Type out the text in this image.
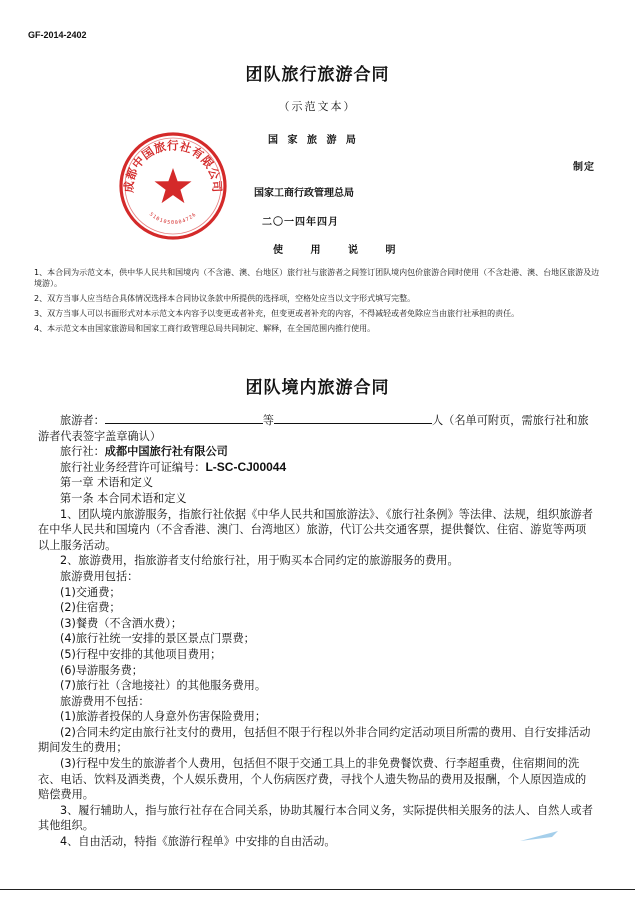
GF-2014-2402
团队旅行旅游合同
（示范文本）
国 家 旅 游 局
制定
国家工商行政管理总局
二〇一四年四月
使 用 说 明
成都中国旅行社有限公司
5101050004726

1、本合同为示范文本，供中华人民共和国境内（不含港、澳、台地区）旅行社与旅游者之间签订团队境内包价旅游合同时使用（不含赴港、澳、台地区旅游及边境游）。

2、双方当事人应当结合具体情况选择本合同协议条款中所提供的选择项，空格处应当以文字形式填写完整。

3、双方当事人可以书面形式对本示范文本内容予以变更或者补充，但变更或者补充的内容，不得减轻或者免除应当由旅行社承担的责任。

4、本示范文本由国家旅游局和国家工商行政管理总局共同制定、解释，在全国范围内推行使用。

团队境内旅游合同

旅游者：	等	人（名单可附页，需旅行社和旅游者代表签字盖章确认）

旅行社：成都中国旅行社有限公司

旅行社业务经营许可证编号：L-SC-CJ00044

第一章 术语和定义

第一条 本合同术语和定义

1、团队境内旅游服务，指旅行社依据《中华人民共和国旅游法》、《旅行社条例》等法律、法规，组织旅游者在中华人民共和国境内（不含香港、澳门、台湾地区）旅游，代订公共交通客票，提供餐饮、住宿、游览等两项以上服务活动。

2、旅游费用，指旅游者支付给旅行社，用于购买本合同约定的旅游服务的费用。

旅游费用包括：

(1)交通费；

(2)住宿费；

(3)餐费（不含酒水费）；

(4)旅行社统一安排的景区景点门票费；

(5)行程中安排的其他项目费用；

(6)导游服务费；

(7)旅行社（含地接社）的其他服务费用。

旅游费用不包括：

(1)旅游者投保的人身意外伤害保险费用；

(2)合同未约定由旅行社支付的费用，包括但不限于行程以外非合同约定活动项目所需的费用、自行安排活动期间发生的费用；

(3)行程中发生的旅游者个人费用，包括但不限于交通工具上的非免费餐饮费、行李超重费，住宿期间的洗衣、电话、饮料及酒类费，个人娱乐费用，个人伤病医疗费，寻找个人遗失物品的费用及报酬，个人原因造成的赔偿费用。

3、履行辅助人，指与旅行社存在合同关系，协助其履行本合同义务，实际提供相关服务的法人、自然人或者其他组织。

4、自由活动，特指《旅游行程单》中安排的自由活动。
